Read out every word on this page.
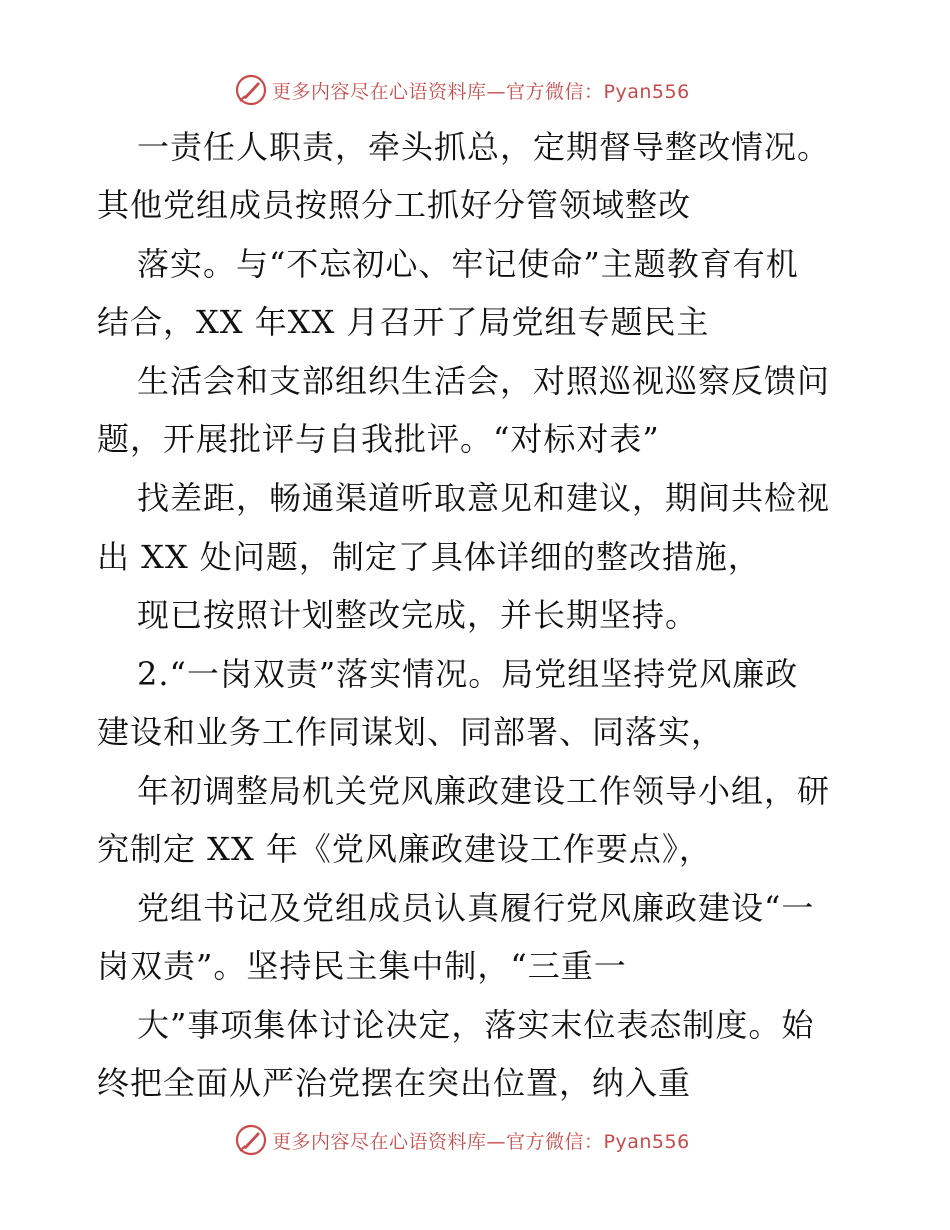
更多内容尽在心语资料库—官方微信：Pyan556
一责任人职责，牵头抓总，定期督导整改情况。
其他党组成员按照分工抓好分管领域整改
落实。与“不忘初心、牢记使命”主题教育有机
结合，XX 年XX 月召开了局党组专题民主
生活会和支部组织生活会，对照巡视巡察反馈问
题，开展批评与自我批评。“对标对表”
找差距，畅通渠道听取意见和建议，期间共检视
出 XX 处问题，制定了具体详细的整改措施，
现已按照计划整改完成，并长期坚持。
2.“一岗双责”落实情况。局党组坚持党风廉政
建设和业务工作同谋划、同部署、同落实，
年初调整局机关党风廉政建设工作领导小组，研
究制定 XX 年《党风廉政建设工作要点》，
党组书记及党组成员认真履行党风廉政建设“一
岗双责”。坚持民主集中制，“三重一
大”事项集体讨论决定，落实末位表态制度。始
终把全面从严治党摆在突出位置，纳入重
更多内容尽在心语资料库—官方微信：Pyan556
